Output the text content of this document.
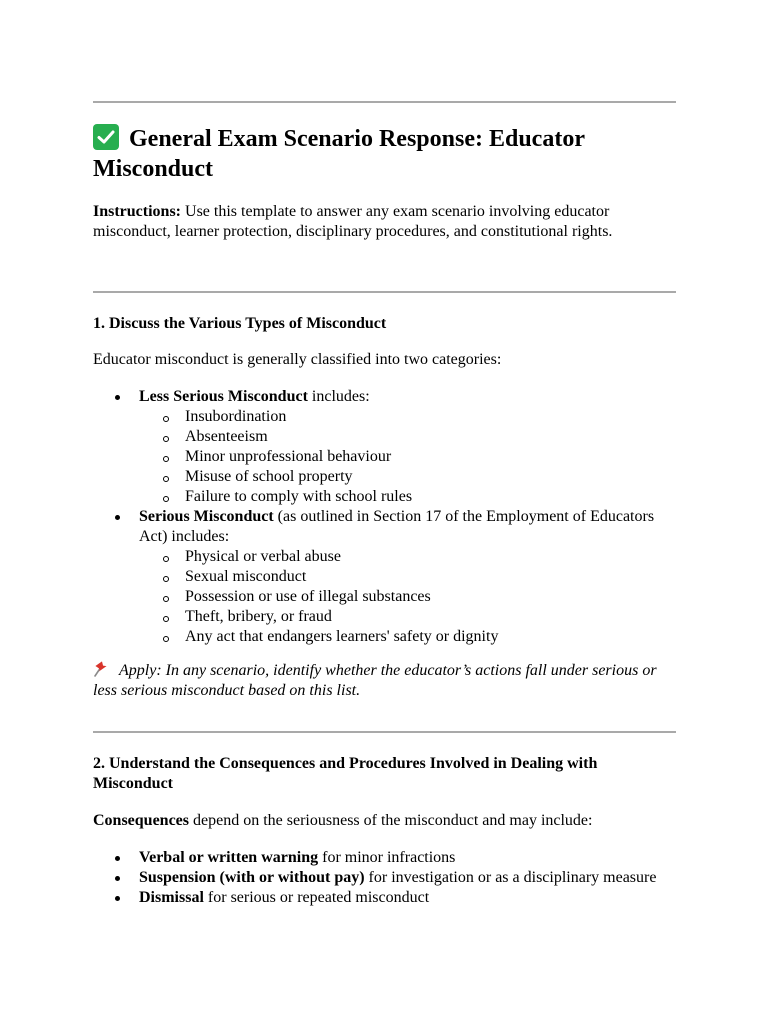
General Exam Scenario Response: Educator Misconduct
Instructions: Use this template to answer any exam scenario involving educator misconduct, learner protection, disciplinary procedures, and constitutional rights.
1. Discuss the Various Types of Misconduct
Educator misconduct is generally classified into two categories:
Less Serious Misconduct includes:
Insubordination
Absenteeism
Minor unprofessional behaviour
Misuse of school property
Failure to comply with school rules
Serious Misconduct (as outlined in Section 17 of the Employment of Educators Act) includes:
Physical or verbal abuse
Sexual misconduct
Possession or use of illegal substances
Theft, bribery, or fraud
Any act that endangers learners' safety or dignity
Apply: In any scenario, identify whether the educator’s actions fall under serious or less serious misconduct based on this list.
2. Understand the Consequences and Procedures Involved in Dealing with Misconduct
Consequences depend on the seriousness of the misconduct and may include:
Verbal or written warning for minor infractions
Suspension (with or without pay) for investigation or as a disciplinary measure
Dismissal for serious or repeated misconduct
